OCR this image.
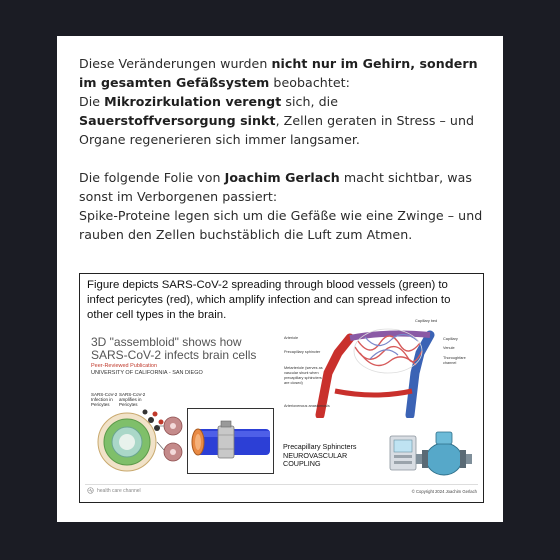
Diese Veränderungen wurden nicht nur im Gehirn, sondern im gesamten Gefäßsystem beobachtet:
Die Mikrozirkulation verengt sich, die Sauerstoffversorgung sinkt, Zellen geraten in Stress – und Organe regenerieren sich immer langsamer.

Die folgende Folie von Joachim Gerlach macht sichtbar, was sonst im Verborgenen passiert:
Spike-Proteine legen sich um die Gefäße wie eine Zwinge – und rauben den Zellen buchstäblich die Luft zum Atmen.

Figure depicts SARS-CoV-2 spreading through blood vessels (green) to infect pericytes (red), which amplify infection and can spread infection to other cell types in the brain.
3D "assembloid" shows how SARS-CoV-2 infects brain cells
Peer-Reviewed Publication
UNIVERSITY OF CALIFORNIA - SAN DIEGO
SARS-CoV-2 Infection in Pericytes
SARS-CoV-2 amplifies in Pericytes
Capillary bed
Arteriole
Precapillary sphincter
Metarteriole (serves as vascular shunt when precapillary sphincters are closed)
Arteriovenous anastomosis
Capillary
Venule
Thoroughfare channel
Precapillary Sphincters
NEUROVASCULAR
COUPLING
health care channel	© Copyright 2024 Joachim Gerlach
